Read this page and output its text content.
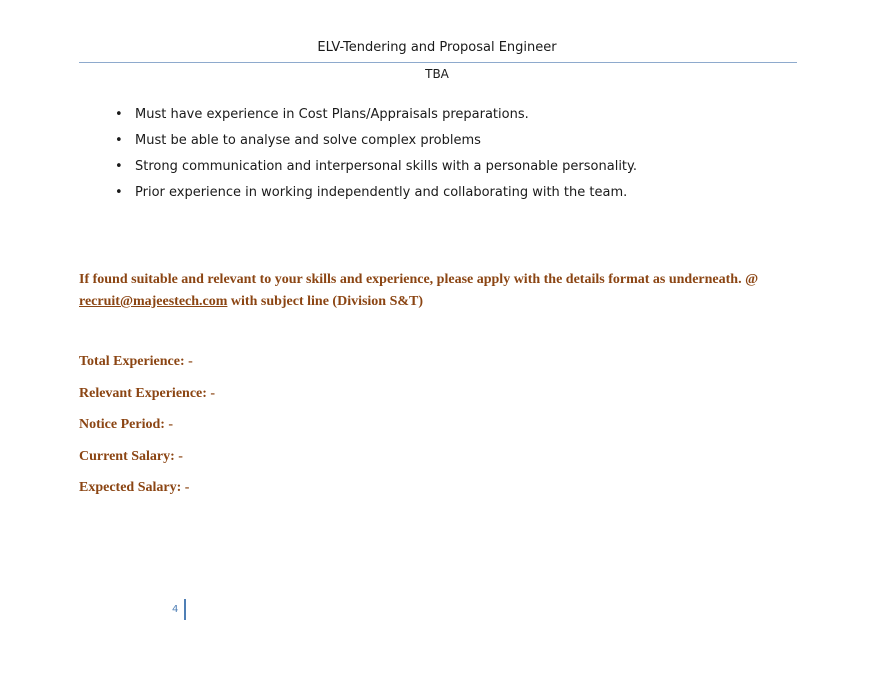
ELV-Tendering and Proposal Engineer
TBA
• Must have experience in Cost Plans/Appraisals preparations.
• Must be able to analyse and solve complex problems
• Strong communication and interpersonal skills with a personable personality.
• Prior experience in working independently and collaborating with the team.
If found suitable and relevant to your skills and experience, please apply with the details format as underneath. @ recruit@majeestech.com with subject line (Division S&T)
Total Experience: -
Relevant Experience: -
Notice Period: -
Current Salary: -
Expected Salary: -
4
